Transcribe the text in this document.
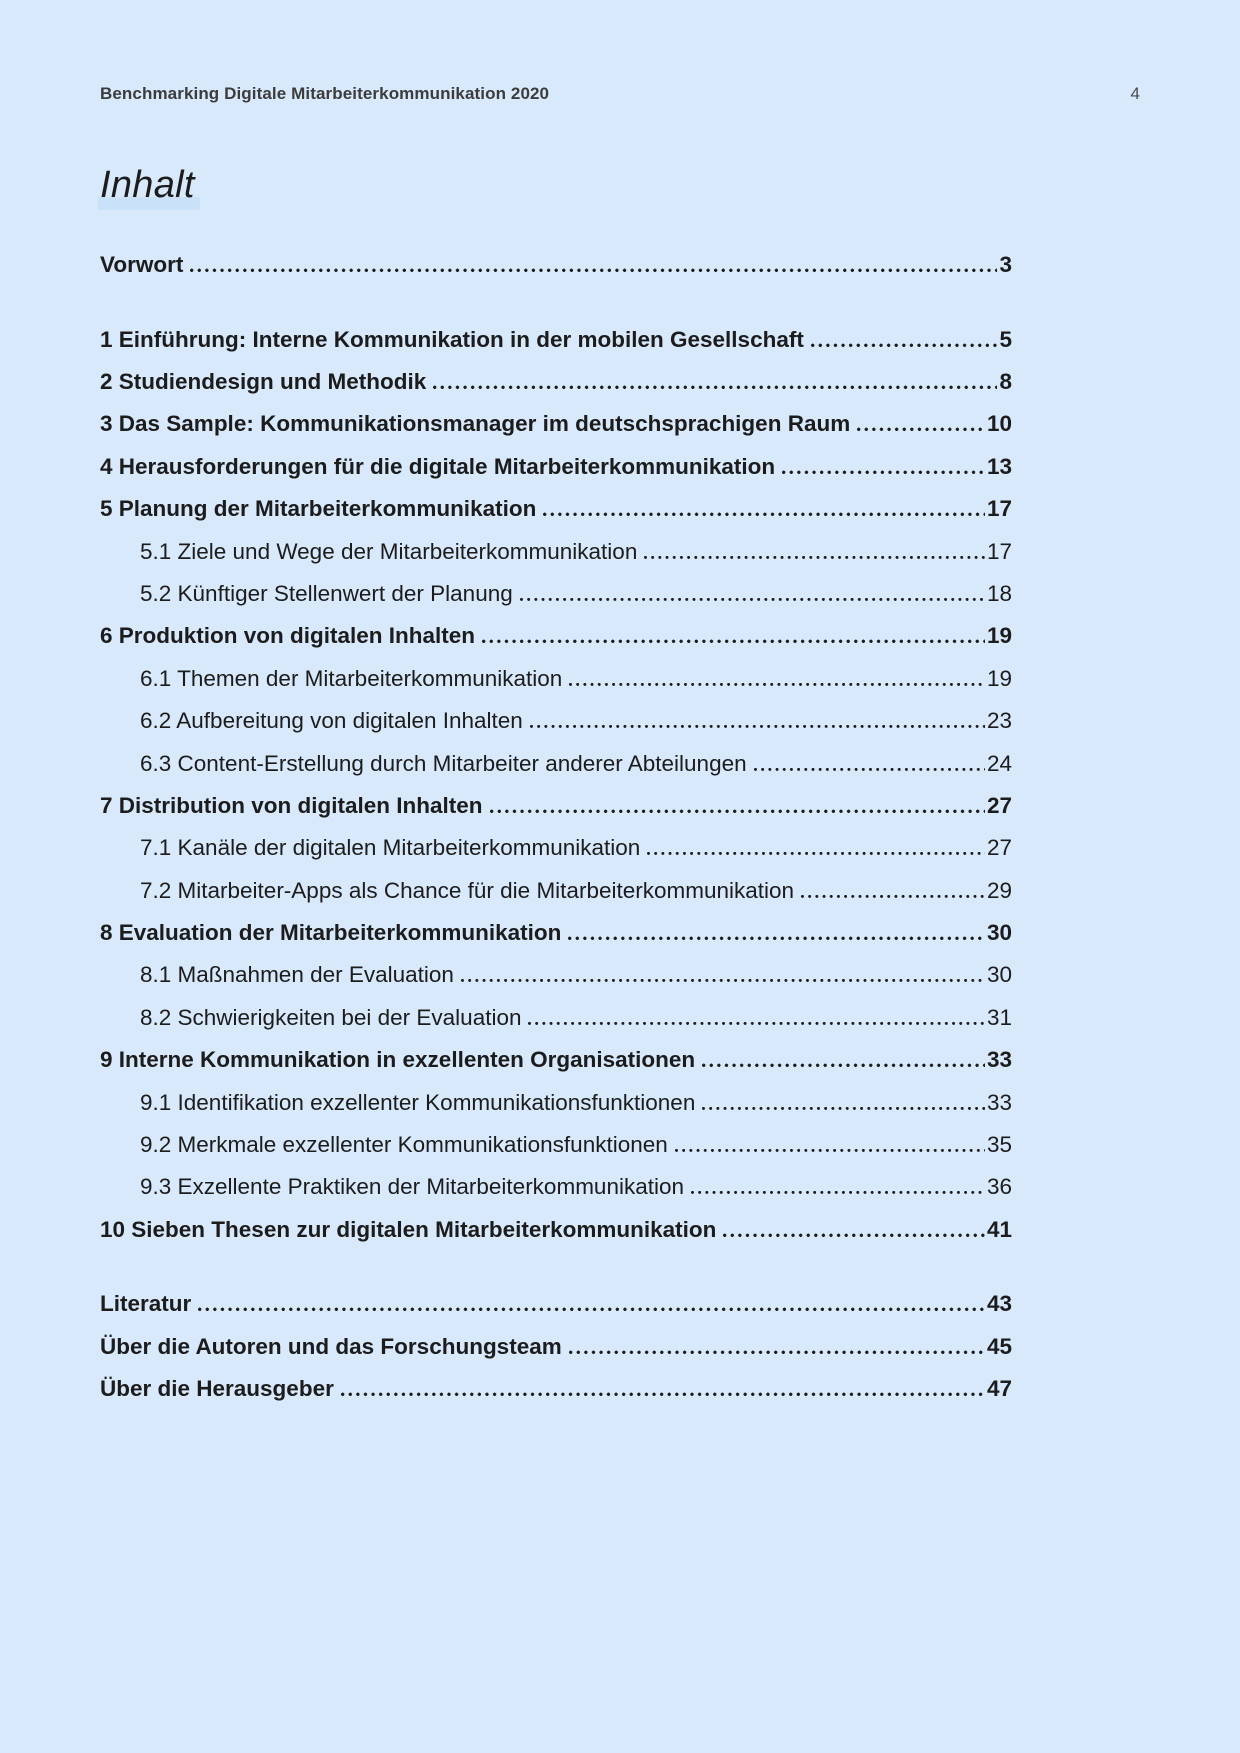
Benchmarking Digitale Mitarbeiterkommunikation 2020	4
Inhalt
Vorwort	3
1 Einführung: Interne Kommunikation in der mobilen Gesellschaft	5
2 Studiendesign und Methodik	8
3 Das Sample: Kommunikationsmanager im deutschsprachigen Raum	10
4 Herausforderungen für die digitale Mitarbeiterkommunikation	13
5 Planung der Mitarbeiterkommunikation	17
5.1 Ziele und Wege der Mitarbeiterkommunikation	17
5.2 Künftiger Stellenwert der Planung	18
6 Produktion von digitalen Inhalten	19
6.1 Themen der Mitarbeiterkommunikation	19
6.2 Aufbereitung von digitalen Inhalten	23
6.3 Content-Erstellung durch Mitarbeiter anderer Abteilungen	24
7 Distribution von digitalen Inhalten	27
7.1 Kanäle der digitalen Mitarbeiterkommunikation	27
7.2 Mitarbeiter-Apps als Chance für die Mitarbeiterkommunikation	29
8 Evaluation der Mitarbeiterkommunikation	30
8.1 Maßnahmen der Evaluation	30
8.2 Schwierigkeiten bei der Evaluation	31
9 Interne Kommunikation in exzellenten Organisationen	33
9.1 Identifikation exzellenter Kommunikationsfunktionen	33
9.2 Merkmale exzellenter Kommunikationsfunktionen	35
9.3 Exzellente Praktiken der Mitarbeiterkommunikation	36
10 Sieben Thesen zur digitalen Mitarbeiterkommunikation	41
Literatur	43
Über die Autoren und das Forschungsteam	45
Über die Herausgeber	47
